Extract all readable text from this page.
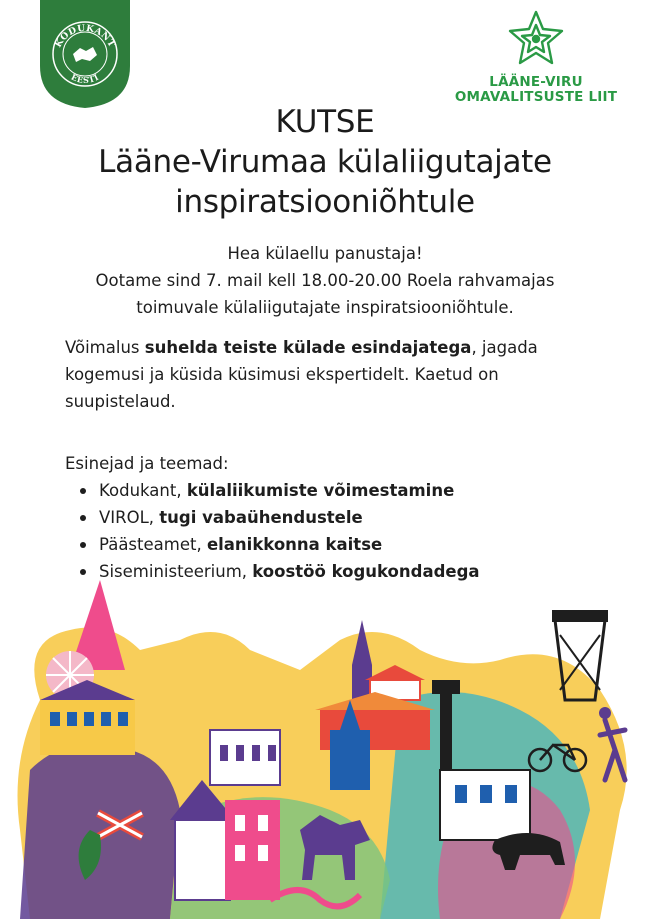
KODUKANT
EESTI	LÄÄNE-VIRU
OMAVALITSUSTE LIIT
KUTSE
Lääne-Virumaa külaliigutajate
inspiratsiooniõhtule
Hea külaellu panustaja!
Ootame sind 7. mail kell 18.00-20.00 Roela rahvamajas
toimuvale külaliigutajate inspiratsiooniõhtule.
Võimalus suhelda teiste külade esindajatega, jagada
kogemusi ja küsida küsimusi ekspertidelt. Kaetud on
suupistelaud.
Esinejad ja teemad:
Kodukant, külaliikumiste võimestamine
VIROL, tugi vabaühendustele
Päästeamet, elanikkonna kaitse
Siseministeerium, koostöö kogukondadega
